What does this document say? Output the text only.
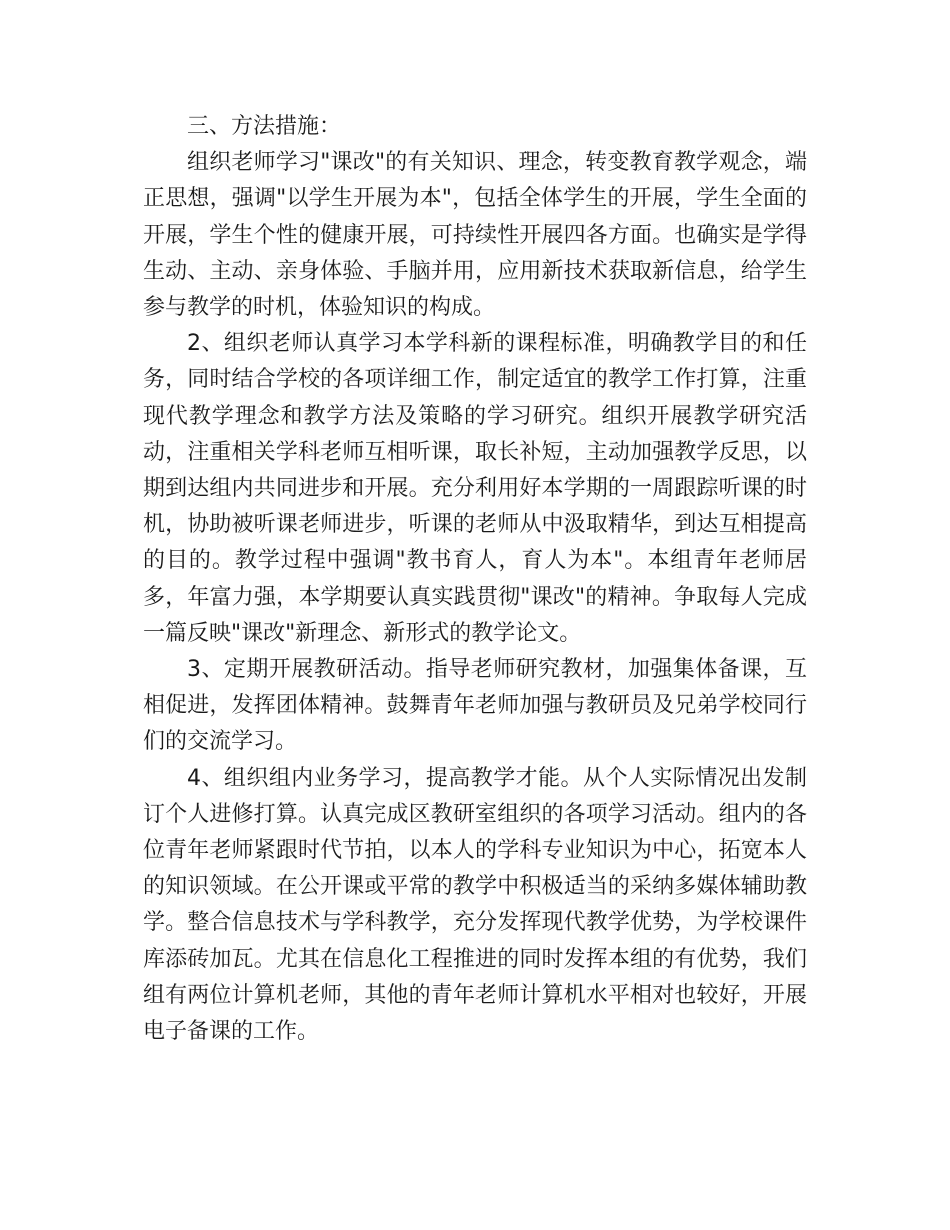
三、方法措施：

组织老师学习"课改"的有关知识、理念，转变教育教学观念，端正思想，强调"以学生开展为本"，包括全体学生的开展，学生全面的开展，学生个性的健康开展，可持续性开展四各方面。也确实是学得生动、主动、亲身体验、手脑并用，应用新技术获取新信息，给学生参与教学的时机，体验知识的构成。

2、组织老师认真学习本学科新的课程标准，明确教学目的和任务，同时结合学校的各项详细工作，制定适宜的教学工作打算，注重现代教学理念和教学方法及策略的学习研究。组织开展教学研究活动，注重相关学科老师互相听课，取长补短，主动加强教学反思，以期到达组内共同进步和开展。充分利用好本学期的一周跟踪听课的时机，协助被听课老师进步，听课的老师从中汲取精华，到达互相提高的目的。教学过程中强调"教书育人，育人为本"。本组青年老师居多，年富力强，本学期要认真实践贯彻"课改"的精神。争取每人完成一篇反映"课改"新理念、新形式的教学论文。

3、定期开展教研活动。指导老师研究教材，加强集体备课，互相促进，发挥团体精神。鼓舞青年老师加强与教研员及兄弟学校同行们的交流学习。

4、组织组内业务学习，提高教学才能。从个人实际情况出发制订个人进修打算。认真完成区教研室组织的各项学习活动。组内的各位青年老师紧跟时代节拍，以本人的学科专业知识为中心，拓宽本人的知识领域。在公开课或平常的教学中积极适当的采纳多媒体辅助教学。整合信息技术与学科教学，充分发挥现代教学优势，为学校课件库添砖加瓦。尤其在信息化工程推进的同时发挥本组的有优势，我们组有两位计算机老师，其他的青年老师计算机水平相对也较好，开展电子备课的工作。
